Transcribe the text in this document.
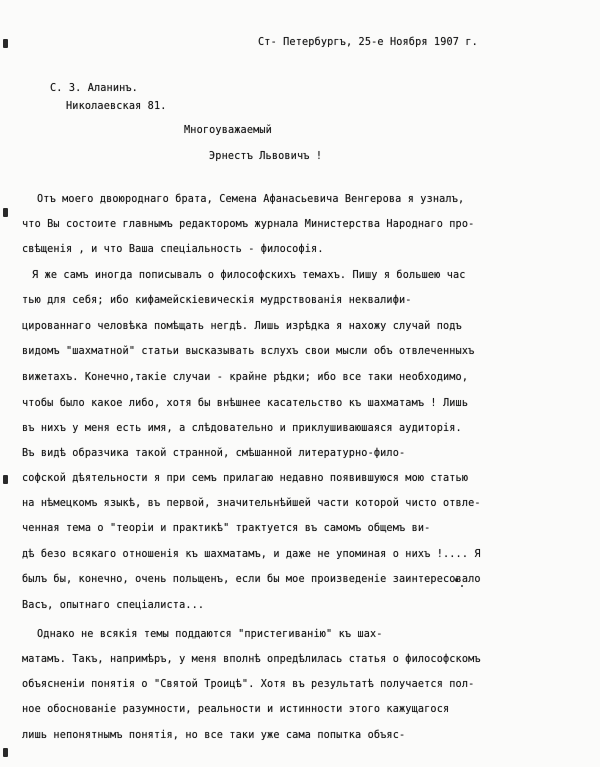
Ст- Петербургъ, 25-е Ноября 1907 г.
С. З. Аланинъ.
Николаевская 81.
Многоуважаемый
Эрнестъ Львовичъ !
Отъ моего двоюроднаго брата, Семена Афанасьевича Венгерова я узналъ,
что Вы состоите главнымъ редакторомъ журнала Министерства Народнаго про-
свѣщенія , и что Ваша спеціальность - философія.
Я же самъ иногда пописывалъ о философскихъ темахъ. Пишу я большею час
тью для себя; ибо кифамейскiевическія мудрствованія неквалифи-
цированнаго человѣка помѣщать негдѣ. Лишь изрѣдка я нахожу случай подъ
видомъ "шахматной" статьи высказывать вслухъ свои мысли объ отвлеченныхъ
вижетахъ. Конечно,такіе случаи - крайне рѣдки; ибо все таки необходимо,
чтобы было какое либо, хотя бы внѣшнее касательство къ шахматамъ ! Лишь
въ нихъ у меня есть имя, а слѣдовательно и приклушиваюшаяся аудиторія.
Въ видѣ образчика такой странной, смѣшанной литературно-фило-
софской дѣятельности я при семъ прилагаю недавно появившуюся мою статью
на нѣмецкомъ языкѣ, въ первой, значительнѣйшей части которой чисто отвле-
ченная тема о "теоріи и практикѣ" трактуется въ самомъ общемъ ви-
дѣ безо всякаго отношенія къ шахматамъ, и даже не упоминая о нихъ !.... Я
былъ бы, конечно, очень польщенъ, если бы мое произведеніе заинтересовало
Васъ, опытнаго спеціалиста...
Однако не всякія темы поддаются "пристегиванію" къ шах-
матамъ. Такъ, напримѣръ, у меня вполнѣ опредѣлилась статья о философскомъ
объясненіи понятія о "Святой Троицѣ". Хотя въ результатѣ получается пол-
ное обоснованіе разумности, реальности и истинности этого кажущагося
лишь непонятнымъ понятія, но все таки уже сама попытка объяс-
